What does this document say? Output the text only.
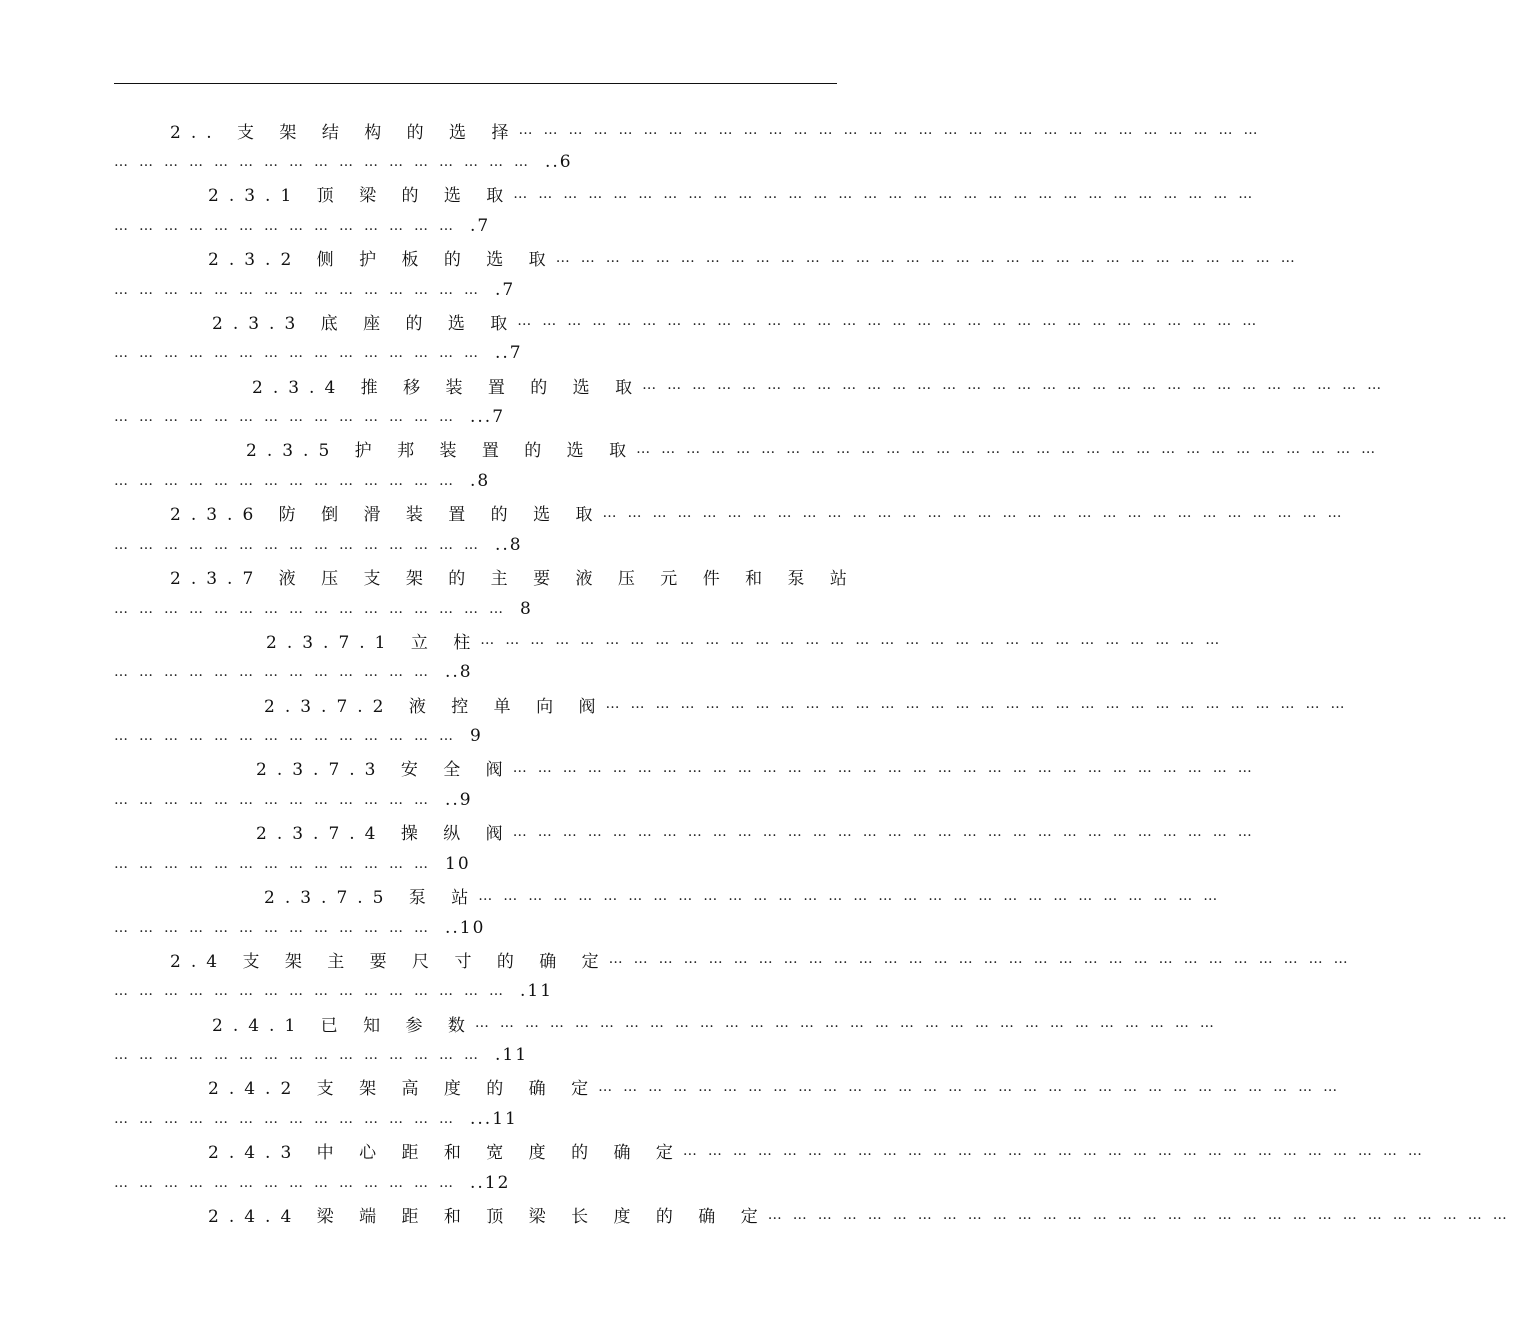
2.. 支 架 结 构 的 选 择 ………………………………………………………………………………
…………………………………………… ..6
2.3.1 顶 梁 的 选 取 ………………………………………………………………………………
…………………………………… .7
2.3.2 侧 护 板 的 选 取 ………………………………………………………………………………
……………………………………… .7
2.3.3 底 座 的 选 取 ………………………………………………………………………………
……………………………………… ..7
2.3.4 推 移 装 置 的 选 取 ………………………………………………………………………………
…………………………………… ...7
2.3.5 护 邦 装 置 的 选 取 ………………………………………………………………………………
…………………………………… .8
2.3.6 防 倒 滑 装 置 的 选 取 ………………………………………………………………………………
……………………………………… ..8
2.3.7 液 压 支 架 的 主 要 液 压 元 件 和 泵 站
………………………………………… 8
2.3.7.1 立 柱 ………………………………………………………………………………
………………………………… ..8
2.3.7.2 液 控 单 向 阀 ………………………………………………………………………………
…………………………………… 9
2.3.7.3 安 全 阀 ………………………………………………………………………………
………………………………… ..9
2.3.7.4 操 纵 阀 ………………………………………………………………………………
………………………………… 10
2.3.7.5 泵 站 ………………………………………………………………………………
………………………………… ..10
2.4 支 架 主 要 尺 寸 的 确 定 ………………………………………………………………………………
………………………………………… .11
2.4.1 已 知 参 数 ………………………………………………………………………………
……………………………………… .11
2.4.2 支 架 高 度 的 确 定 ………………………………………………………………………………
…………………………………… ...11
2.4.3 中 心 距 和 宽 度 的 确 定 ………………………………………………………………………………
…………………………………… ..12
2.4.4 梁 端 距 和 顶 梁 长 度 的 确 定 ………………………………………………………………………………
